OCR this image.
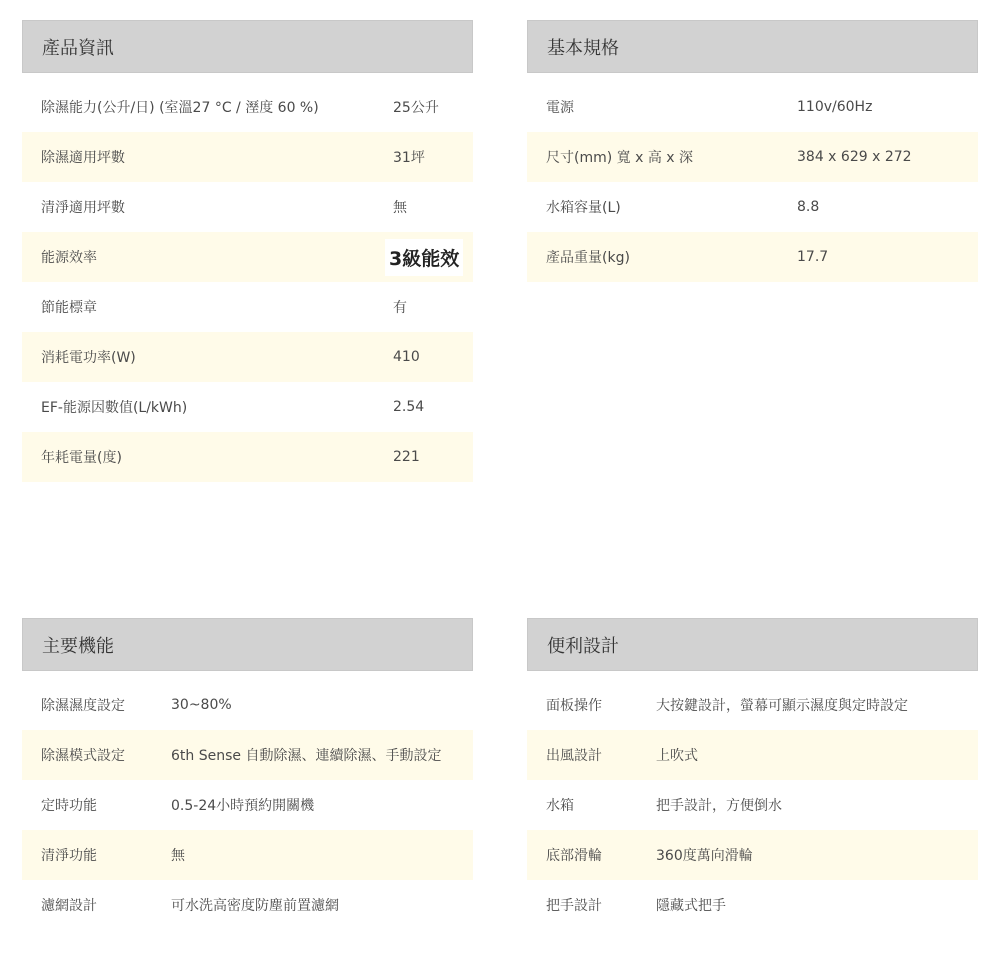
產品資訊
除濕能力(公升/日) (室溫27 °C / 溼度 60 %)	25公升
除濕適用坪數	31坪
清淨適用坪數	無
能源效率	3級能效
節能標章	有
消耗電功率(W)	410
EF-能源因數值(L/kWh)	2.54
年耗電量(度)	221
基本規格
電源	110v/60Hz
尺寸(mm) 寬 x 高 x 深	384 x 629 x 272
水箱容量(L)	8.8
產品重量(kg)	17.7
主要機能
除濕濕度設定	30~80%
除濕模式設定	6th Sense 自動除濕、連續除濕、手動設定
定時功能	0.5-24小時預約開關機
清淨功能	無
濾網設計	可水洗高密度防塵前置濾網
便利設計
面板操作	大按鍵設計，螢幕可顯示濕度與定時設定
出風設計	上吹式
水箱	把手設計，方便倒水
底部滑輪	360度萬向滑輪
把手設計	隱藏式把手
